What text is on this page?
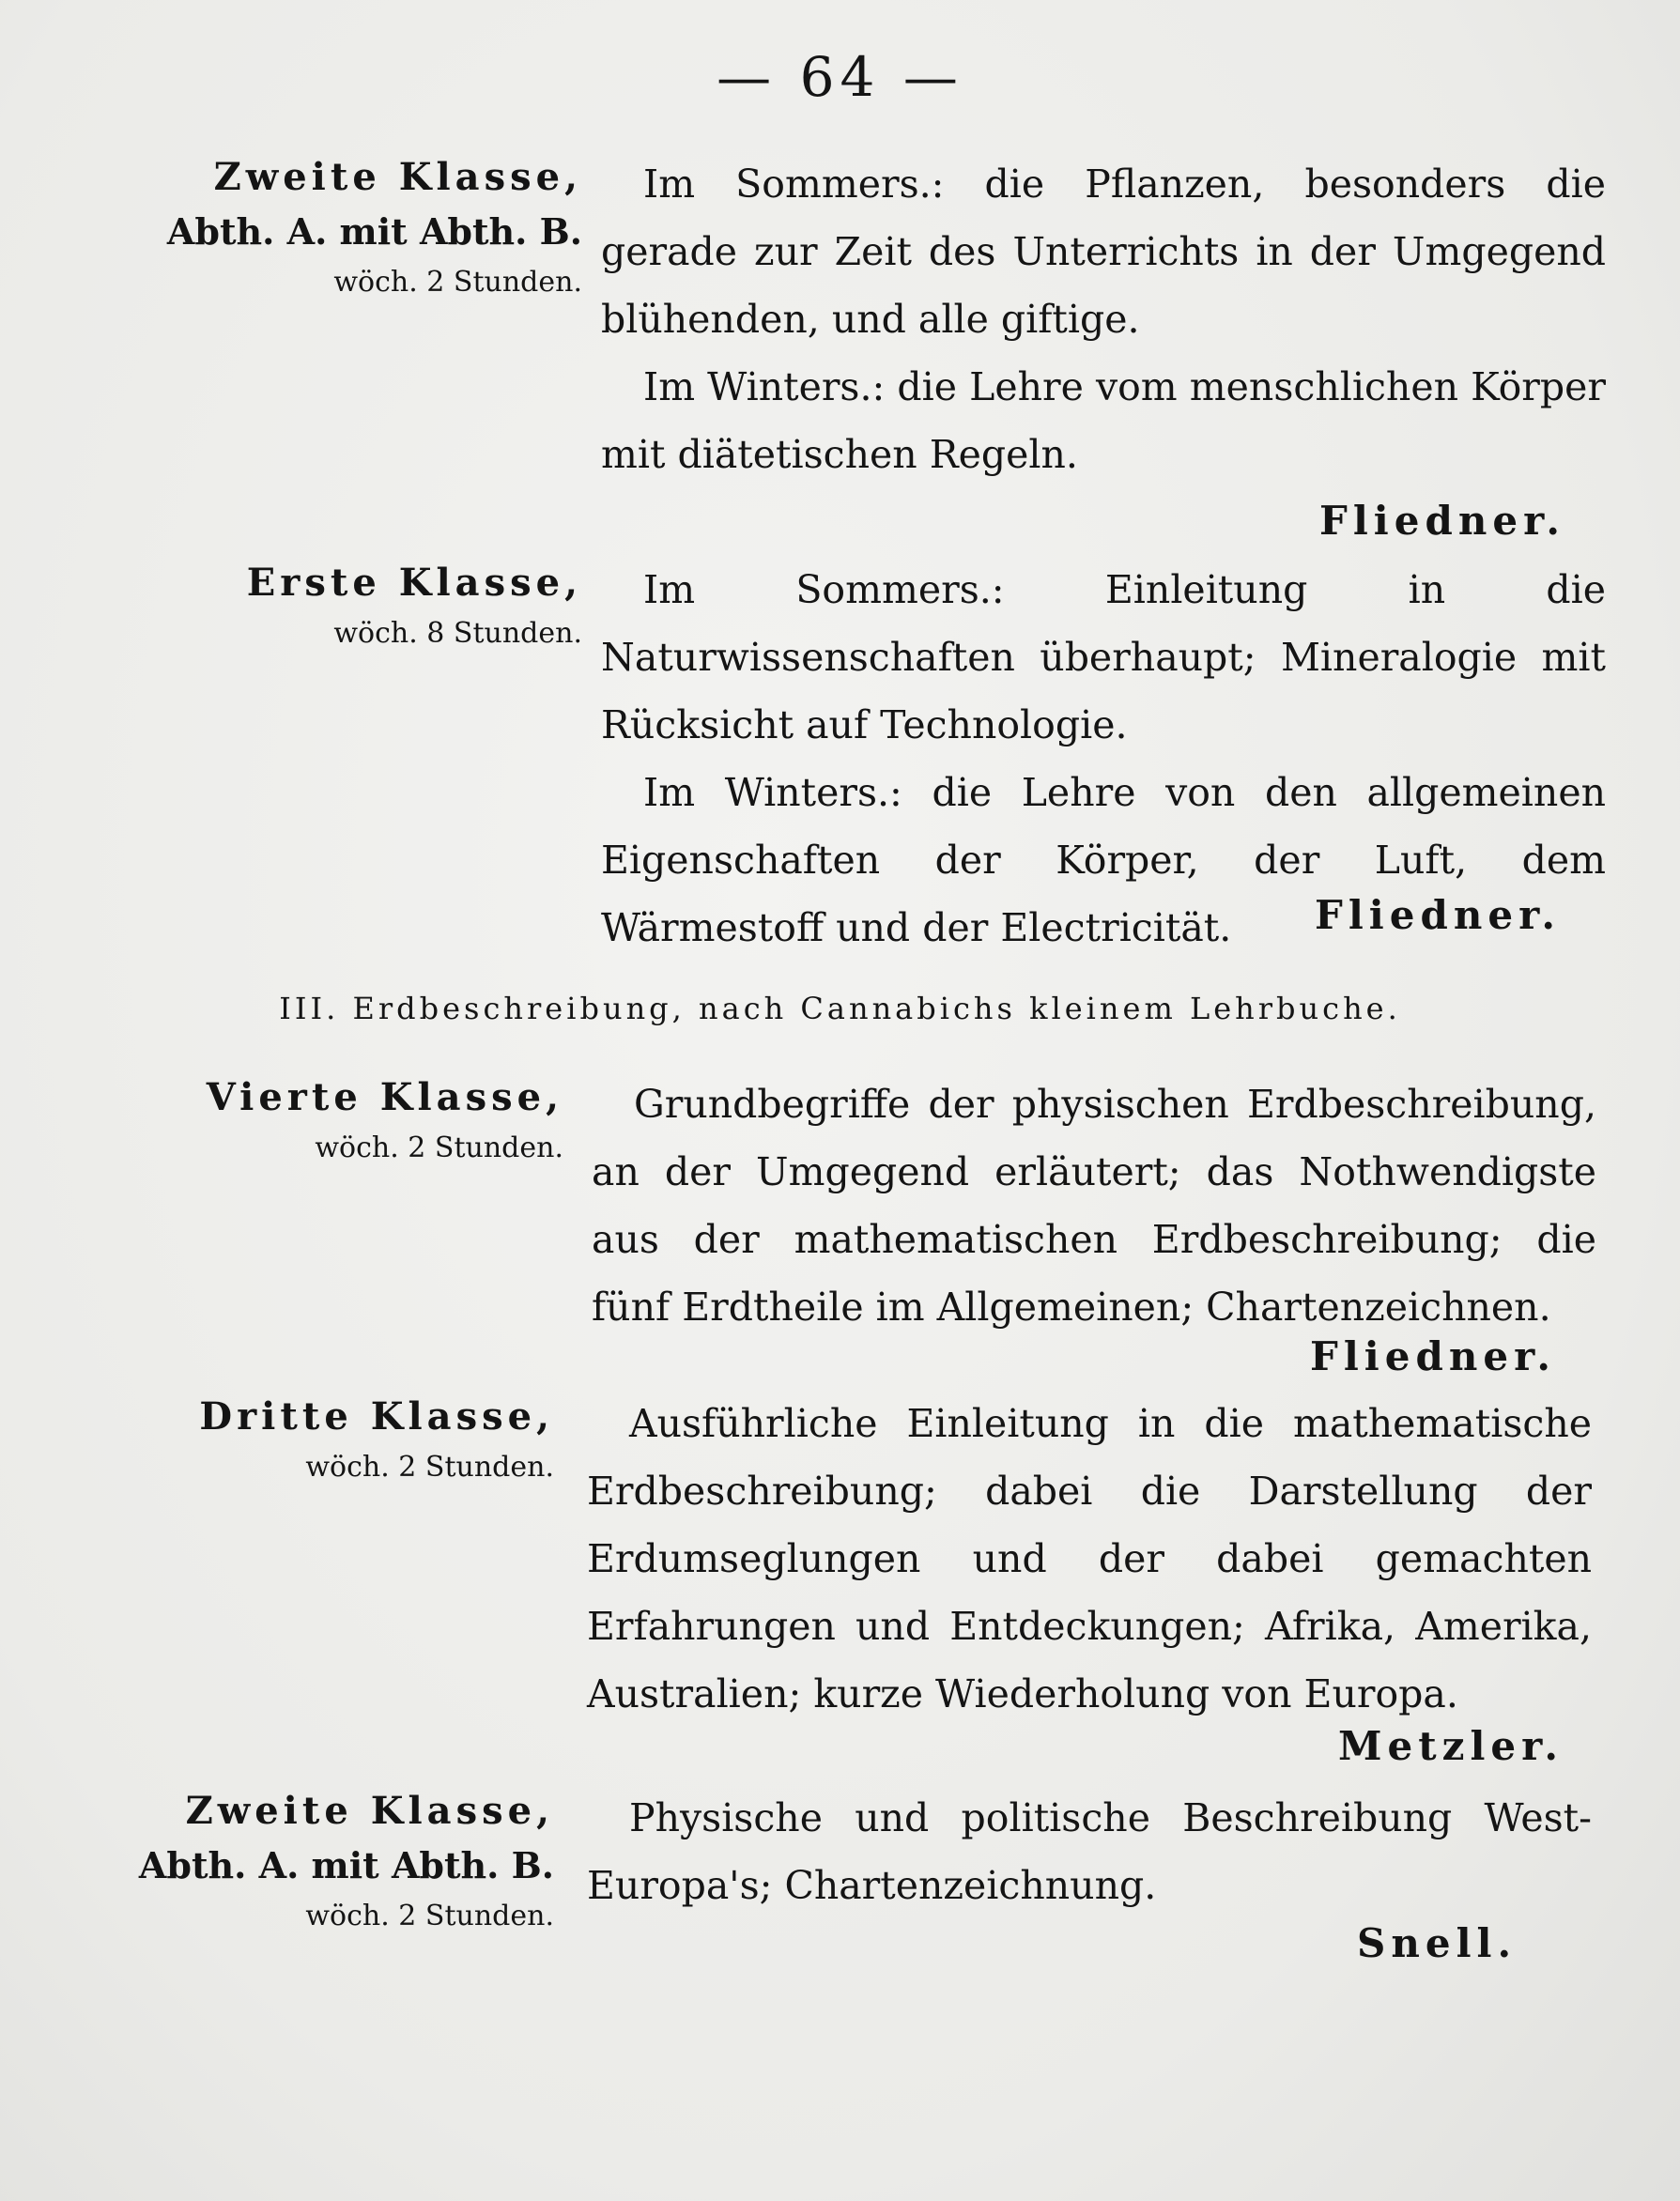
— 64 —
Zweite Klasse,
Abth. A. mit Abth. B.
wöch. 2 Stunden.

Im Sommers.: die Pflanzen, besonders die gerade zur Zeit des Unterrichts in der Umgegend blühenden, und alle giftige.

Im Winters.: die Lehre vom menschlichen Körper mit diätetischen Regeln.

Fliedner.
Erste Klasse,
wöch. 8 Stunden.

Im Sommers.: Einleitung in die Naturwissenschaften überhaupt; Mineralogie mit Rücksicht auf Technologie.

Im Winters.: die Lehre von den allgemeinen Eigenschaften der Körper, der Luft, dem Wärmestoff und der Electricität.	Fliedner.
III. Erdbeschreibung, nach Cannabichs kleinem Lehrbuche.
Vierte Klasse,
wöch. 2 Stunden.

Grundbegriffe der physischen Erdbeschreibung, an der Umgegend erläutert; das Nothwendigste aus der mathematischen Erdbeschreibung; die fünf Erdtheile im Allgemeinen; Chartenzeichnen.

Fliedner.
Dritte Klasse,
wöch. 2 Stunden.

Ausführliche Einleitung in die mathematische Erdbeschreibung; dabei die Darstellung der Erdumseglungen und der dabei gemachten Erfahrungen und Entdeckungen; Afrika, Amerika, Australien; kurze Wiederholung von Europa.

Metzler.
Zweite Klasse,
Abth. A. mit Abth. B.
wöch. 2 Stunden.

Physische und politische Beschreibung West-Europa's; Chartenzeichnung.

Snell.
